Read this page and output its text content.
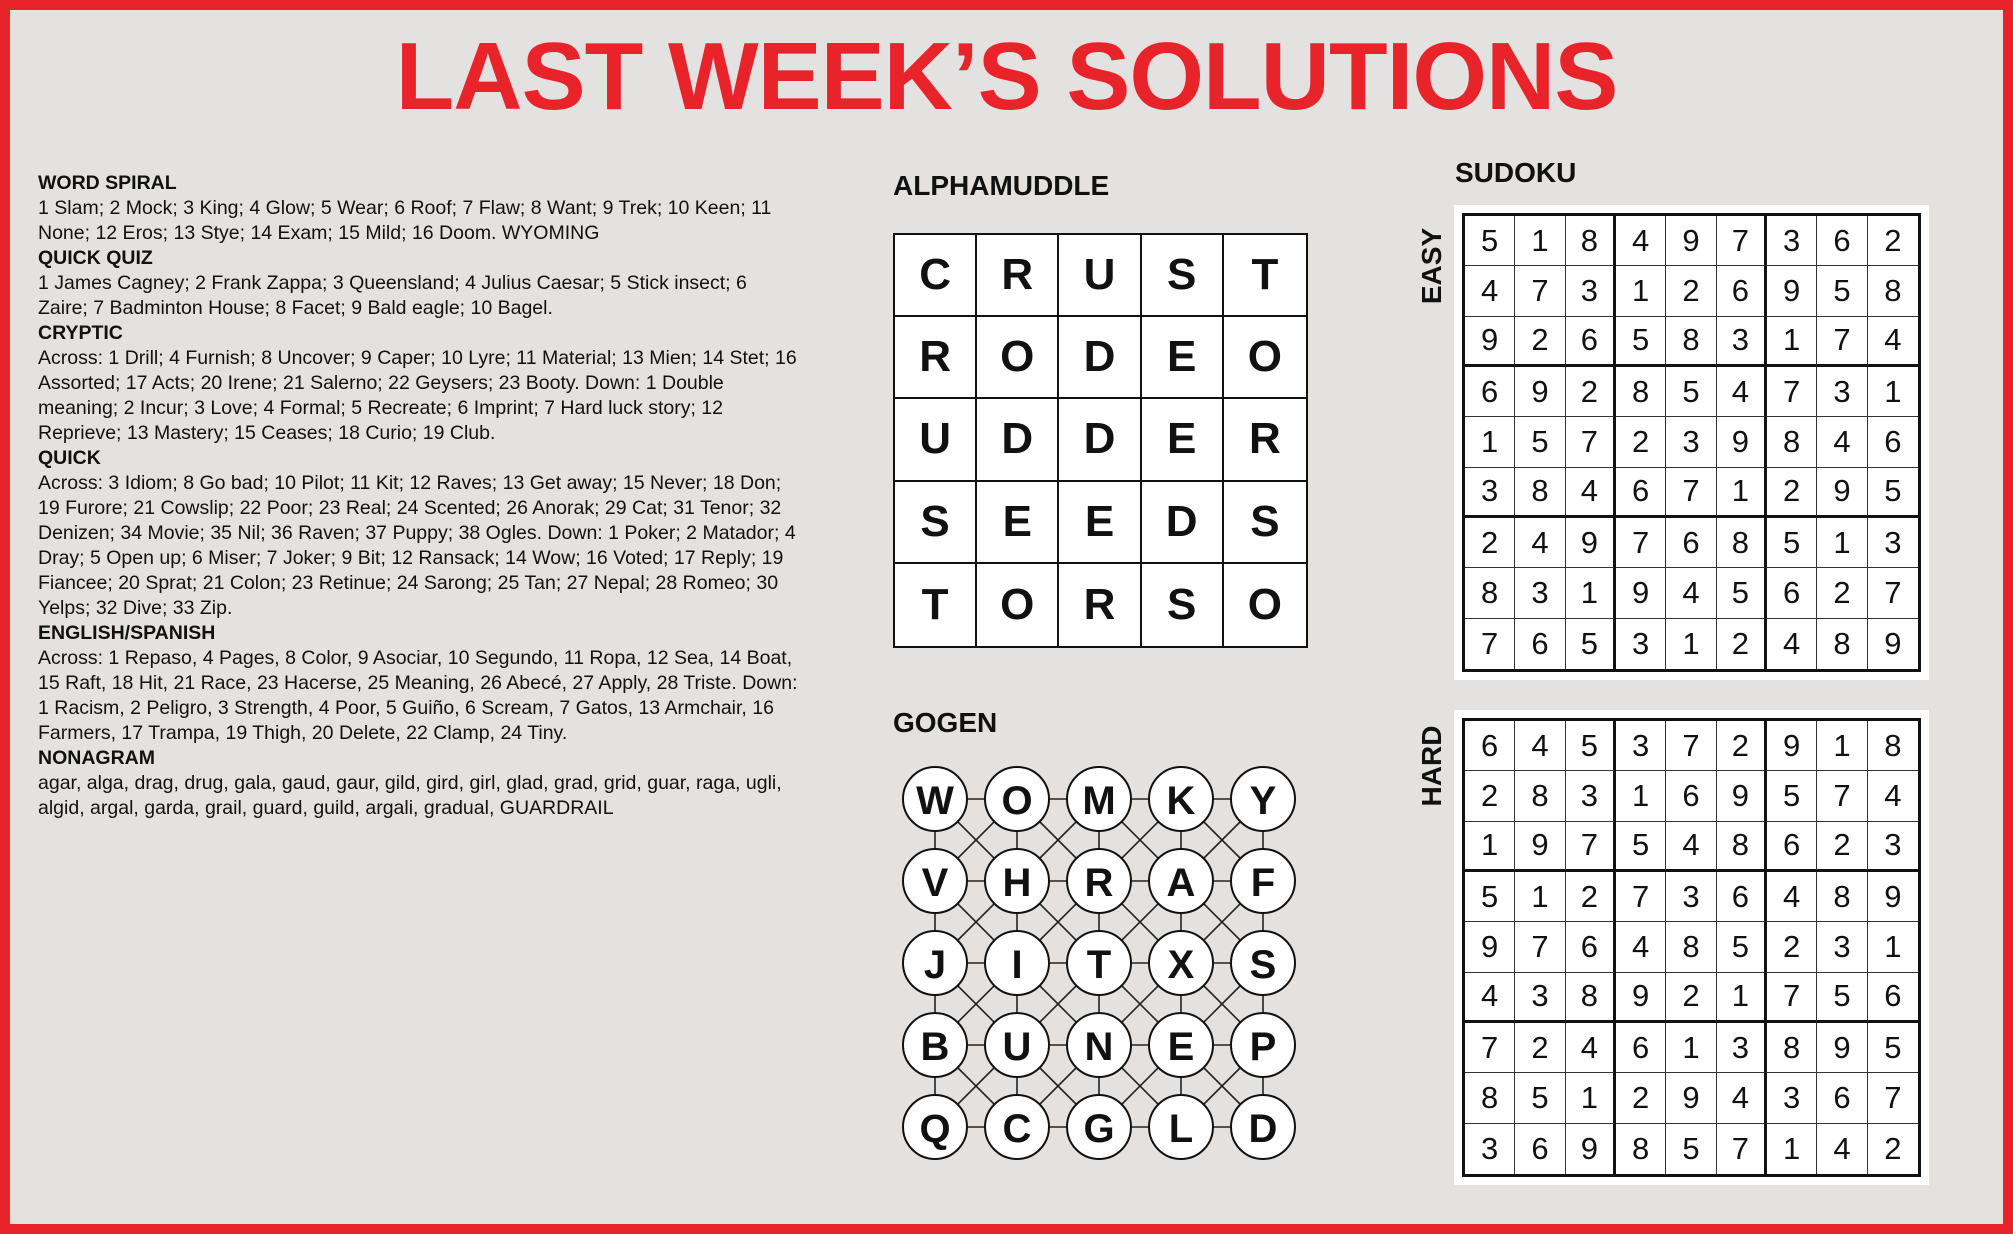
LAST WEEK’S SOLUTIONS
WORD SPIRAL
1 Slam; 2 Mock; 3 King; 4 Glow; 5 Wear; 6 Roof; 7 Flaw; 8 Want; 9 Trek; 10 Keen; 11 None; 12 Eros; 13 Stye; 14 Exam; 15 Mild; 16 Doom. WYOMING
QUICK QUIZ
1 James Cagney; 2 Frank Zappa; 3 Queensland; 4 Julius Caesar; 5 Stick insect; 6 Zaire; 7 Badminton House; 8 Facet; 9 Bald eagle; 10 Bagel.
CRYPTIC
Across: 1 Drill; 4 Furnish; 8 Uncover; 9 Caper; 10 Lyre; 11 Material; 13 Mien; 14 Stet; 16 Assorted; 17 Acts; 20 Irene; 21 Salerno; 22 Geysers; 23 Booty. Down: 1 Double meaning; 2 Incur; 3 Love; 4 Formal; 5 Recreate; 6 Imprint; 7 Hard luck story; 12 Reprieve; 13 Mastery; 15 Ceases; 18 Curio; 19 Club.
QUICK
Across: 3 Idiom; 8 Go bad; 10 Pilot; 11 Kit; 12 Raves; 13 Get away; 15 Never; 18 Don; 19 Furore; 21 Cowslip; 22 Poor; 23 Real; 24 Scented; 26 Anorak; 29 Cat; 31 Tenor; 32 Denizen; 34 Movie; 35 Nil; 36 Raven; 37 Puppy; 38 Ogles. Down: 1 Poker; 2 Matador; 4 Dray; 5 Open up; 6 Miser; 7 Joker; 9 Bit; 12 Ransack; 14 Wow; 16 Voted; 17 Reply; 19 Fiancee; 20 Sprat; 21 Colon; 23 Retinue; 24 Sarong; 25 Tan; 27 Nepal; 28 Romeo; 30 Yelps; 32 Dive; 33 Zip.
ENGLISH/SPANISH
Across: 1 Repaso, 4 Pages, 8 Color, 9 Asociar, 10 Segundo, 11 Ropa, 12 Sea, 14 Boat, 15 Raft, 18 Hit, 21 Race, 23 Hacerse, 25 Meaning, 26 Abecé, 27 Apply, 28 Triste. Down: 1 Racism, 2 Peligro, 3 Strength, 4 Poor, 5 Guiño, 6 Scream, 7 Gatos, 13 Armchair, 16 Farmers, 17 Trampa, 19 Thigh, 20 Delete, 22 Clamp, 24 Tiny.
NONAGRAM
agar, alga, drag, drug, gala, gaud, gaur, gild, gird, girl, glad, grad, grid, guar, raga, ugli, algid, argal, garda, grail, guard, guild, argali, gradual, GUARDRAIL
ALPHAMUDDLE
C	R	U	S	T
R	O	D	E	O
U	D	D	E	R
S	E	E	D	S
T	O	R	S	O
GOGEN
W O M K Y
V H R A F
J I T X S
B U N E P
Q C G L D
SUDOKU
EASY	5	1	8	4	9	7	3	6	2
4	7	3	1	2	6	9	5	8
9	2	6	5	8	3	1	7	4
6	9	2	8	5	4	7	3	1
1	5	7	2	3	9	8	4	6
3	8	4	6	7	1	2	9	5
2	4	9	7	6	8	5	1	3
8	3	1	9	4	5	6	2	7
7	6	5	3	1	2	4	8	9
HARD	6	4	5	3	7	2	9	1	8
2	8	3	1	6	9	5	7	4
1	9	7	5	4	8	6	2	3
5	1	2	7	3	6	4	8	9
9	7	6	4	8	5	2	3	1
4	3	8	9	2	1	7	5	6
7	2	4	6	1	3	8	9	5
8	5	1	2	9	4	3	6	7
3	6	9	8	5	7	1	4	2
